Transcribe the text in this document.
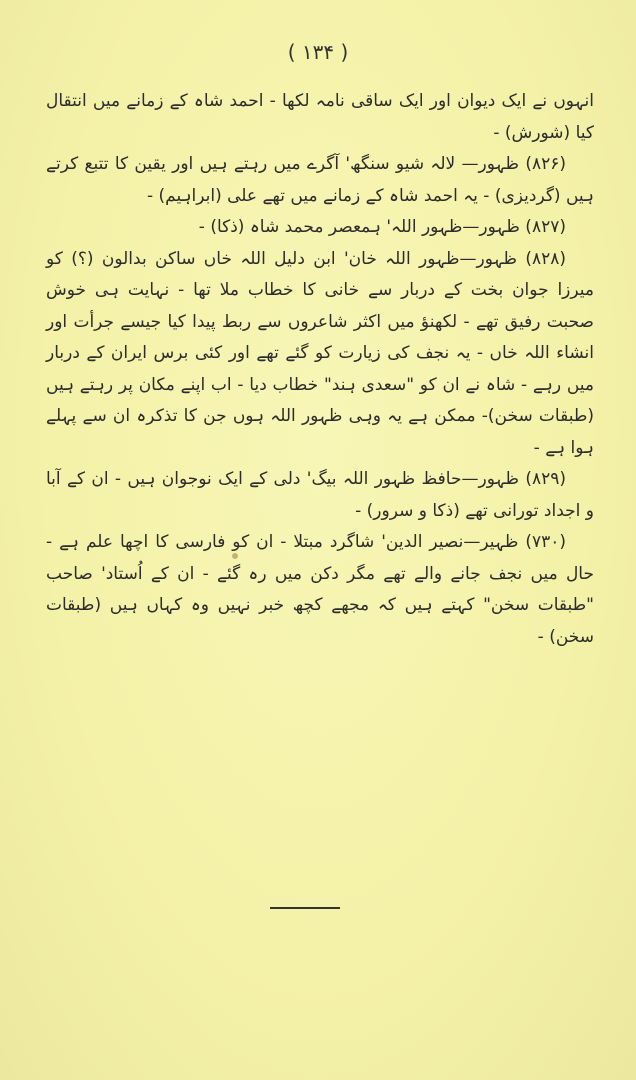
( ۱۳۴ )

انہوں نے ایک دیوان اور ایک ساقی نامہ لکھا - احمد شاہ کے زمانے میں انتقال کیا (شورش) -

(۸۲۶) ظہور— لالہ شیو سنگھ' آگرے میں رہتے ہیں اور یقین کا تتبع کرتے ہیں (گردیزی) - یہ احمد شاہ کے زمانے میں تھے علی (ابراہیم) -

(۸۲۷) ظہور—ظہور اللہ' ہمعصر محمد شاہ (ذکا) -

(۸۲۸) ظہور—ظہور اللہ خان' ابن دلیل اللہ خاں ساکن بدالون (؟) کو میرزا جوان بخت کے دربار سے خانی کا خطاب ملا تھا - نہایت ہی خوش صحبت رفیق تھے - لکھنؤ میں اکثر شاعروں سے ربط پیدا کیا جیسے جرأت اور انشاء اللہ خاں - یہ نجف کی زیارت کو گئے تھے اور کئی برس ایران کے دربار میں رہے - شاہ نے ان کو "سعدی ہند" خطاب دیا - اب اپنے مکان پر رہتے ہیں (طبقات سخن)- ممکن ہے یہ وہی ظہور اللہ ہوں جن کا تذکرہ ان سے پہلے ہوا ہے -

(۸۲۹) ظہور—حافظ ظہور اللہ بیگ' دلی کے ایک نوجوان ہیں - ان کے آبا و اجداد تورانی تھے (ذکا و سرور) -

(۷۳۰) ظہیر—نصیر الدین' شاگرد مبتلا - ان کو فارسی کا اچھا علم ہے - حال میں نجف جانے والے تھے مگر دکن میں رہ گئے - ان کے اُستاد' صاحب "طبقات سخن" کہتے ہیں کہ مجھے کچھ خبر نہیں وہ کہاں ہیں (طبقات سخن) -
